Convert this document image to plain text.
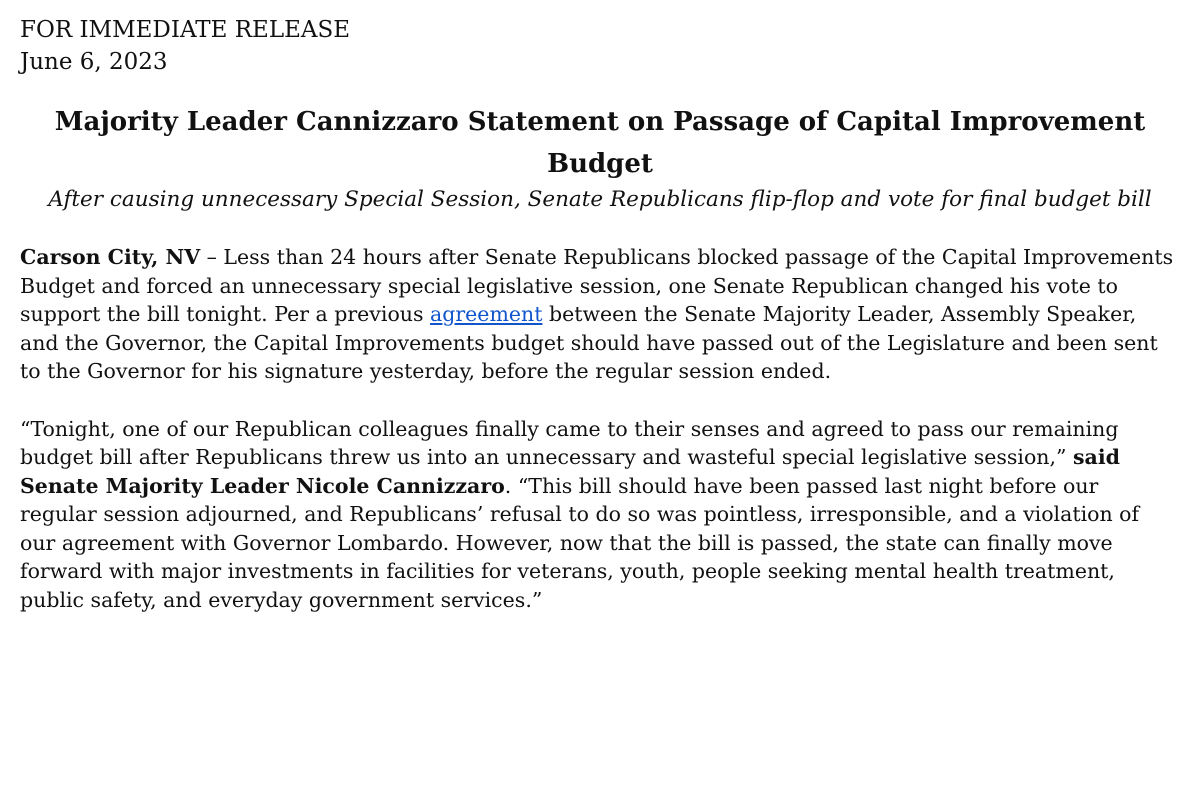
FOR IMMEDIATE RELEASE

June 6, 2023

Majority Leader Cannizzaro Statement on Passage of Capital Improvement Budget

After causing unnecessary Special Session, Senate Republicans flip-flop and vote for final budget bill

Carson City, NV – Less than 24 hours after Senate Republicans blocked passage of the Capital Improvements Budget and forced an unnecessary special legislative session, one Senate Republican changed his vote to support the bill tonight. Per a previous agreement between the Senate Majority Leader, Assembly Speaker, and the Governor, the Capital Improvements budget should have passed out of the Legislature and been sent to the Governor for his signature yesterday, before the regular session ended.

“Tonight, one of our Republican colleagues finally came to their senses and agreed to pass our remaining budget bill after Republicans threw us into an unnecessary and wasteful special legislative session,” said Senate Majority Leader Nicole Cannizzaro. “This bill should have been passed last night before our regular session adjourned, and Republicans’ refusal to do so was pointless, irresponsible, and a violation of our agreement with Governor Lombardo. However, now that the bill is passed, the state can finally move forward with major investments in facilities for veterans, youth, people seeking mental health treatment, public safety, and everyday government services.”
